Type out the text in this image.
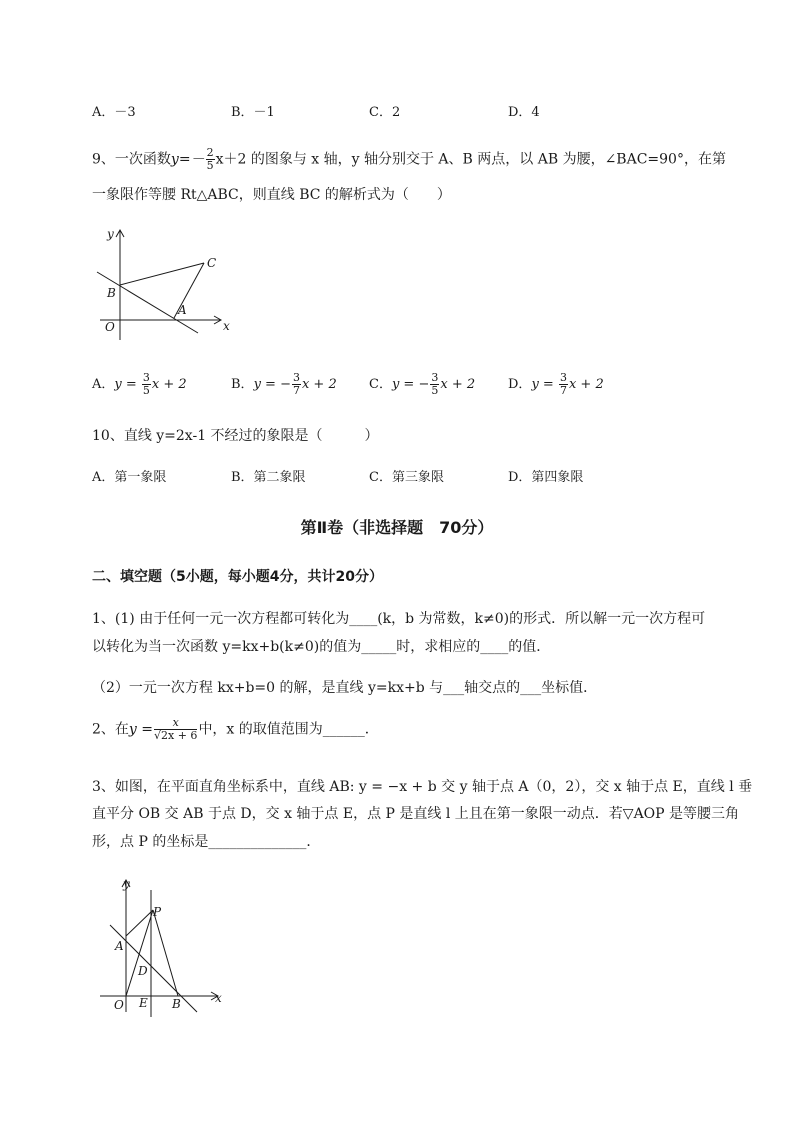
A．－3	B．－1	C．2	D．4
9、一次函数$y=- \frac{2}{5} x+2$ 的图象与 x 轴，y 轴分别交于 A、B 两点，以 AB 为腰，∠BAC=90°，在第
一象限作等腰 Rt△ABC，则直线 BC 的解析式为（　　）
y
x
O
B
A
C
A．$y = \frac{3}{5}$ x + 2	B．y = − $\frac{3}{7}$ x + 2 C．y = − $\frac{3}{5}$ x + 2	D．$y = \frac{3}{7}$ x + 2
10、直线 y=2x-1 不经过的象限是（　　　）
A．第一象限	B．第二象限	C．第三象限	D．第四象限
第Ⅱ卷（非选择题　70分）
二、填空题（5小题，每小题4分，共计20分）
1、(1) 由于任何一元一次方程都可转化为____(k，b 为常数，k≠0)的形式．所以解一元一次方程可
以转化为当一次函数 y=kx+b(k≠0)的值为_____时，求相应的____的值．
（2）一元一次方程 kx+b=0 的解，是直线 y=kx+b 与___轴交点的___坐标值．
2、在$y = \frac{x}{√2x + 6}$ 中，x 的取值范围为______．
3、如图，在平面直角坐标系中，直线 AB: y = −x + b 交 y 轴于点 A（0，2），交 x 轴于点 E，直线 l 垂
直平分 OB 交 AB 于点 D，交 x 轴于点 E，点 P 是直线 l 上且在第一象限一动点．若▽AOP 是等腰三角
形，点 P 的坐标是______________．
y
x
O E B
A
D
P
